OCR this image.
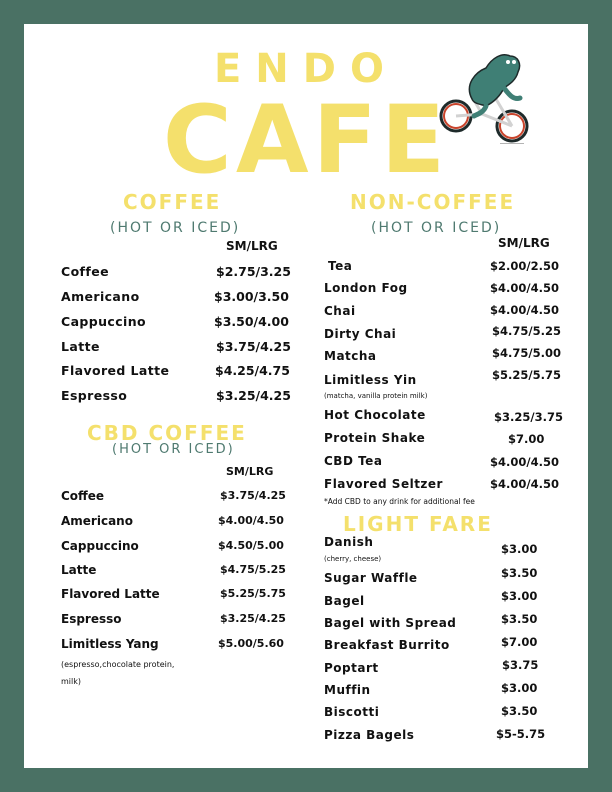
ENDO
CAFE
COFFEE
(HOT OR ICED)
SM/LRG
Coffee	$2.75/3.25
Americano	$3.00/3.50
Cappuccino	$3.50/4.00
Latte	$3.75/4.25
Flavored Latte	$4.25/4.75
Espresso	$3.25/4.25
CBD COFFEE
(HOT OR ICED)
SM/LRG
Coffee	$3.75/4.25
Americano	$4.00/4.50
Cappuccino	$4.50/5.00
Latte	$4.75/5.25
Flavored Latte	$5.25/5.75
Espresso	$3.25/4.25
Limitless Yang	$5.00/5.60
(espresso,chocolate protein,
milk)
NON-COFFEE
(HOT OR ICED)
SM/LRG
Tea	$2.00/2.50
London Fog	$4.00/4.50
Chai	$4.00/4.50
Dirty Chai	$4.75/5.25
Matcha	$4.75/5.00
Limitless Yin	$5.25/5.75
(matcha, vanilla protein milk)
Hot Chocolate	$3.25/3.75
Protein Shake	$7.00
CBD Tea	$4.00/4.50
Flavored Seltzer	$4.00/4.50
*Add CBD to any drink for additional fee
LIGHT FARE
Danish
(cherry, cheese)
$3.00
Sugar Waffle	$3.50
Bagel	$3.00
Bagel with Spread	$3.50
Breakfast Burrito	$7.00
Poptart	$3.75
Muffin	$3.00
Biscotti	$3.50
Pizza Bagels	$5-5.75
